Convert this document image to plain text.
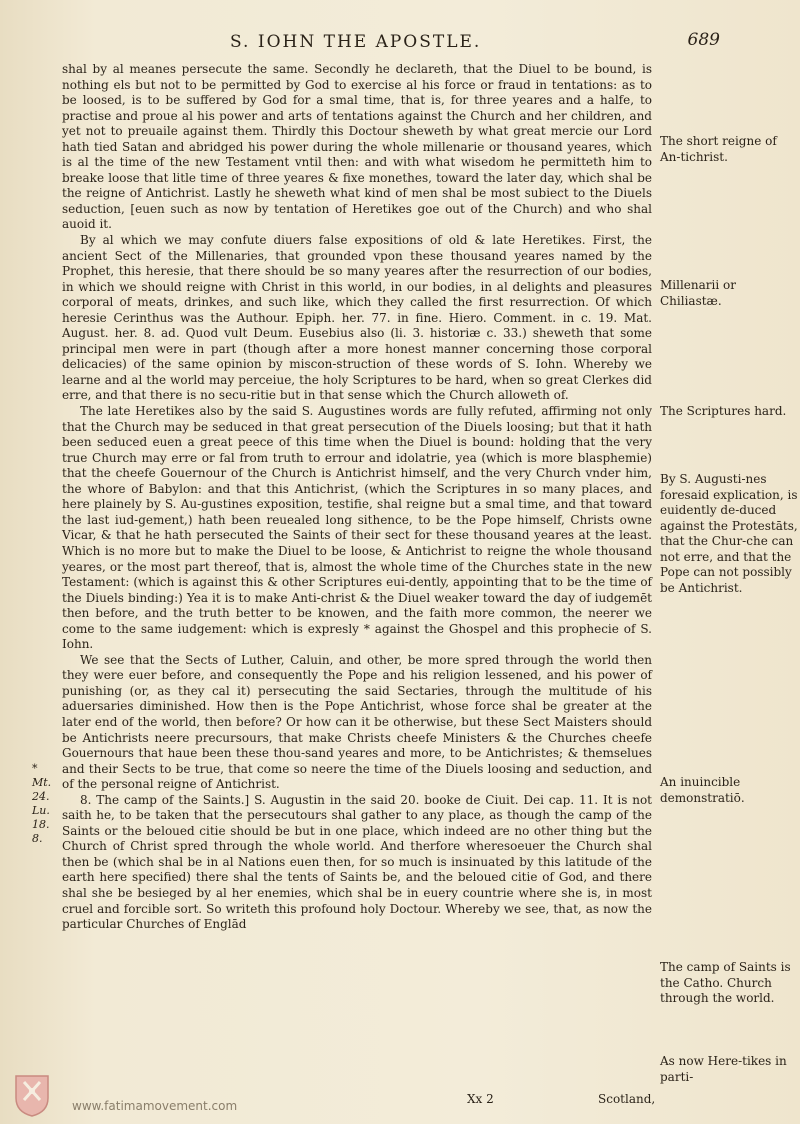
S. IOHN THE APOSTLE.	689

shal by al meanes persecute the same. Secondly he declareth, that the Diuel to be bound, is nothing els but not to be permitted by God to exercise al his force or fraud in tentations: as to be loosed, is to be suffered by God for a smal time, that is, for three yeares and a halfe, to practise and proue al his power and arts of tentations against the Church and her children, and yet not to preuaile against them. Thirdly this Doctour sheweth by what great mercie our Lord hath tied Satan and abridged his power during the whole millenarie or thousand yeares, which is al the time of the new Testament vntil then: and with what wisedom he permitteth him to breake loose that litle time of three yeares & fixe monethes, toward the later day, which shal be the reigne of Antichrist. Lastly he sheweth what kind of men shal be most subiect to the Diuels seduction, [euen such as now by tentation of Heretikes goe out of the Church) and who shal auoid it.

By al which we may confute diuers false expositions of old & late Heretikes. First, the ancient Sect of the Millenaries, that grounded vpon these thousand yeares named by the Prophet, this heresie, that there should be so many yeares after the resurrection of our bodies, in which we should reigne with Christ in this world, in our bodies, in al delights and pleasures corporal of meats, drinkes, and such like, which they called the first resurrection. Of which heresie Cerinthus was the Authour. Epiph. her. 77. in fine. Hiero. Comment. in c. 19. Mat. August. her. 8. ad. Quod vult Deum. Eusebius also (li. 3. historiæ c. 33.) sheweth that some principal men were in part (though after a more honest manner concerning those corporal delicacies) of the same opinion by miscon-struction of these words of S. Iohn. Whereby we learne and al the world may perceiue, the holy Scriptures to be hard, when so great Clerkes did erre, and that there is no secu-ritie but in that sense which the Church alloweth of.

The late Heretikes also by the said S. Augustines words are fully refuted, affirming not only that the Church may be seduced in that great persecution of the Diuels loosing; but that it hath been seduced euen a great peece of this time when the Diuel is bound: holding that the very true Church may erre or fal from truth to errour and idolatrie, yea (which is more blasphemie) that the cheefe Gouernour of the Church is Antichrist himself, and the very Church vnder him, the whore of Babylon: and that this Antichrist, (which the Scriptures in so many places, and here plainely by S. Au-gustines exposition, testifie, shal reigne but a smal time, and that toward the last iud-gement,) hath been reuealed long sithence, to be the Pope himself, Christs owne Vicar, & that he hath persecuted the Saints of their sect for these thousand yeares at the least. Which is no more but to make the Diuel to be loose, & Antichrist to reigne the whole thousand yeares, or the most part thereof, that is, almost the whole time of the Churches state in the new Testament: (which is against this & other Scriptures eui-dently, appointing that to be the time of the Diuels binding:) Yea it is to make Anti-christ & the Diuel weaker toward the day of iudgemēt then before, and the truth better to be knowen, and the faith more common, the neerer we come to the same iudgement: which is expresly * against the Ghospel and this prophecie of S. Iohn.

We see that the Sects of Luther, Caluin, and other, be more spred through the world then they were euer before, and consequently the Pope and his religion lessened, and his power of punishing (or, as they cal it) persecuting the said Sectaries, through the multitude of his aduersaries diminished. How then is the Pope Antichrist, whose force shal be greater at the later end of the world, then before? Or how can it be otherwise, but these Sect Maisters should be Antichrists neere precursours, that make Christs cheefe Ministers & the Churches cheefe Gouernours that haue been these thou-sand yeares and more, to be Antichristes; & themselues and their Sects to be true, that come so neere the time of the Diuels loosing and seduction, and of the personal reigne of Antichrist.

8. The camp of the Saints.] S. Augustin in the said 20. booke de Ciuit. Dei cap. 11. It is not saith he, to be taken that the persecutours shal gather to any place, as though the camp of the Saints or the beloued citie should be but in one place, which indeed are no other thing but the Church of Christ spred through the whole world. And therfore wheresoeuer the Church shal then be (which shal be in al Nations euen then, for so much is insinuated by this latitude of the earth here specified) there shal the tents of Saints be, and the beloued citie of God, and there shal she be besieged by al her enemies, which shal be in euery countrie where she is, in most cruel and forcible sort. So writeth this profound holy Doctour. Whereby we see, that, as now the particular Churches of Englād

The short reigne of An-tichrist.
Millenarii or Chiliastæ.
The Scriptures hard.
By S. Augusti-nes foresaid explication, is euidently de-duced against the Protestāts, that the Chur-che can not erre, and that the Pope can not possibly be Antichrist.
An inuincible demonstratiō.
The camp of Saints is the Catho. Church through the world.
As now Here-tikes in parti-
* Mt. 24. Lu. 18. 8.
Xx 2	Scotland,
www.fatimamovement.com
